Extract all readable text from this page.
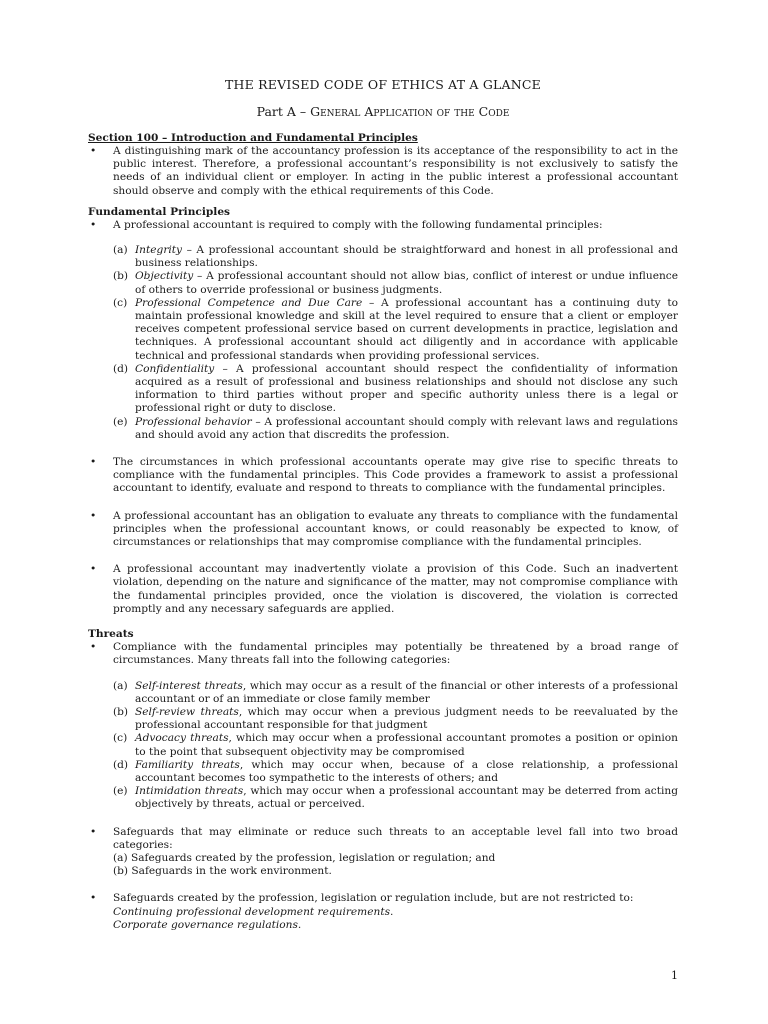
THE REVISED CODE OF ETHICS AT A GLANCE

Part A – General Application of the Code

Section 100 – Introduction and Fundamental Principles

•	A distinguishing mark of the accountancy profession is its acceptance of the responsibility to act in the public interest. Therefore, a professional accountant’s responsibility is not exclusively to satisfy the needs of an individual client or employer. In acting in the public interest a professional accountant should observe and comply with the ethical requirements of this Code.

Fundamental Principles

•	A professional accountant is required to comply with the following fundamental principles:

(a) Integrity – A professional accountant should be straightforward and honest in all professional and business relationships.

(b) Objectivity – A professional accountant should not allow bias, conflict of interest or undue influence of others to override professional or business judgments.

(c) Professional Competence and Due Care – A professional accountant has a continuing duty to maintain professional knowledge and skill at the level required to ensure that a client or employer receives competent professional service based on current developments in practice, legislation and techniques. A professional accountant should act diligently and in accordance with applicable technical and professional standards when providing professional services.

(d) Confidentiality – A professional accountant should respect the confidentiality of information acquired as a result of professional and business relationships and should not disclose any such information to third parties without proper and specific authority unless there is a legal or professional right or duty to disclose.

(e) Professional behavior – A professional accountant should comply with relevant laws and regulations and should avoid any action that discredits the profession.

•	The circumstances in which professional accountants operate may give rise to specific threats to compliance with the fundamental principles. This Code provides a framework to assist a professional accountant to identify, evaluate and respond to threats to compliance with the fundamental principles.

•	A professional accountant has an obligation to evaluate any threats to compliance with the fundamental principles when the professional accountant knows, or could reasonably be expected to know, of circumstances or relationships that may compromise compliance with the fundamental principles.

•	A professional accountant may inadvertently violate a provision of this Code. Such an inadvertent violation, depending on the nature and significance of the matter, may not compromise compliance with the fundamental principles provided, once the violation is discovered, the violation is corrected promptly and any necessary safeguards are applied.

Threats

•	Compliance with the fundamental principles may potentially be threatened by a broad range of circumstances. Many threats fall into the following categories:

(a) Self-interest threats, which may occur as a result of the financial or other interests of a professional accountant or of an immediate or close family member

(b) Self-review threats, which may occur when a previous judgment needs to be reevaluated by the professional accountant responsible for that judgment

(c) Advocacy threats, which may occur when a professional accountant promotes a position or opinion to the point that subsequent objectivity may be compromised

(d) Familiarity threats, which may occur when, because of a close relationship, a professional accountant becomes too sympathetic to the interests of others; and

(e) Intimidation threats, which may occur when a professional accountant may be deterred from acting objectively by threats, actual or perceived.

•	Safeguards that may eliminate or reduce such threats to an acceptable level fall into two broad categories:

(a) Safeguards created by the profession, legislation or regulation; and

(b) Safeguards in the work environment.

•	Safeguards created by the profession, legislation or regulation include, but are not restricted to:

Continuing professional development requirements.

Corporate governance regulations.

1
